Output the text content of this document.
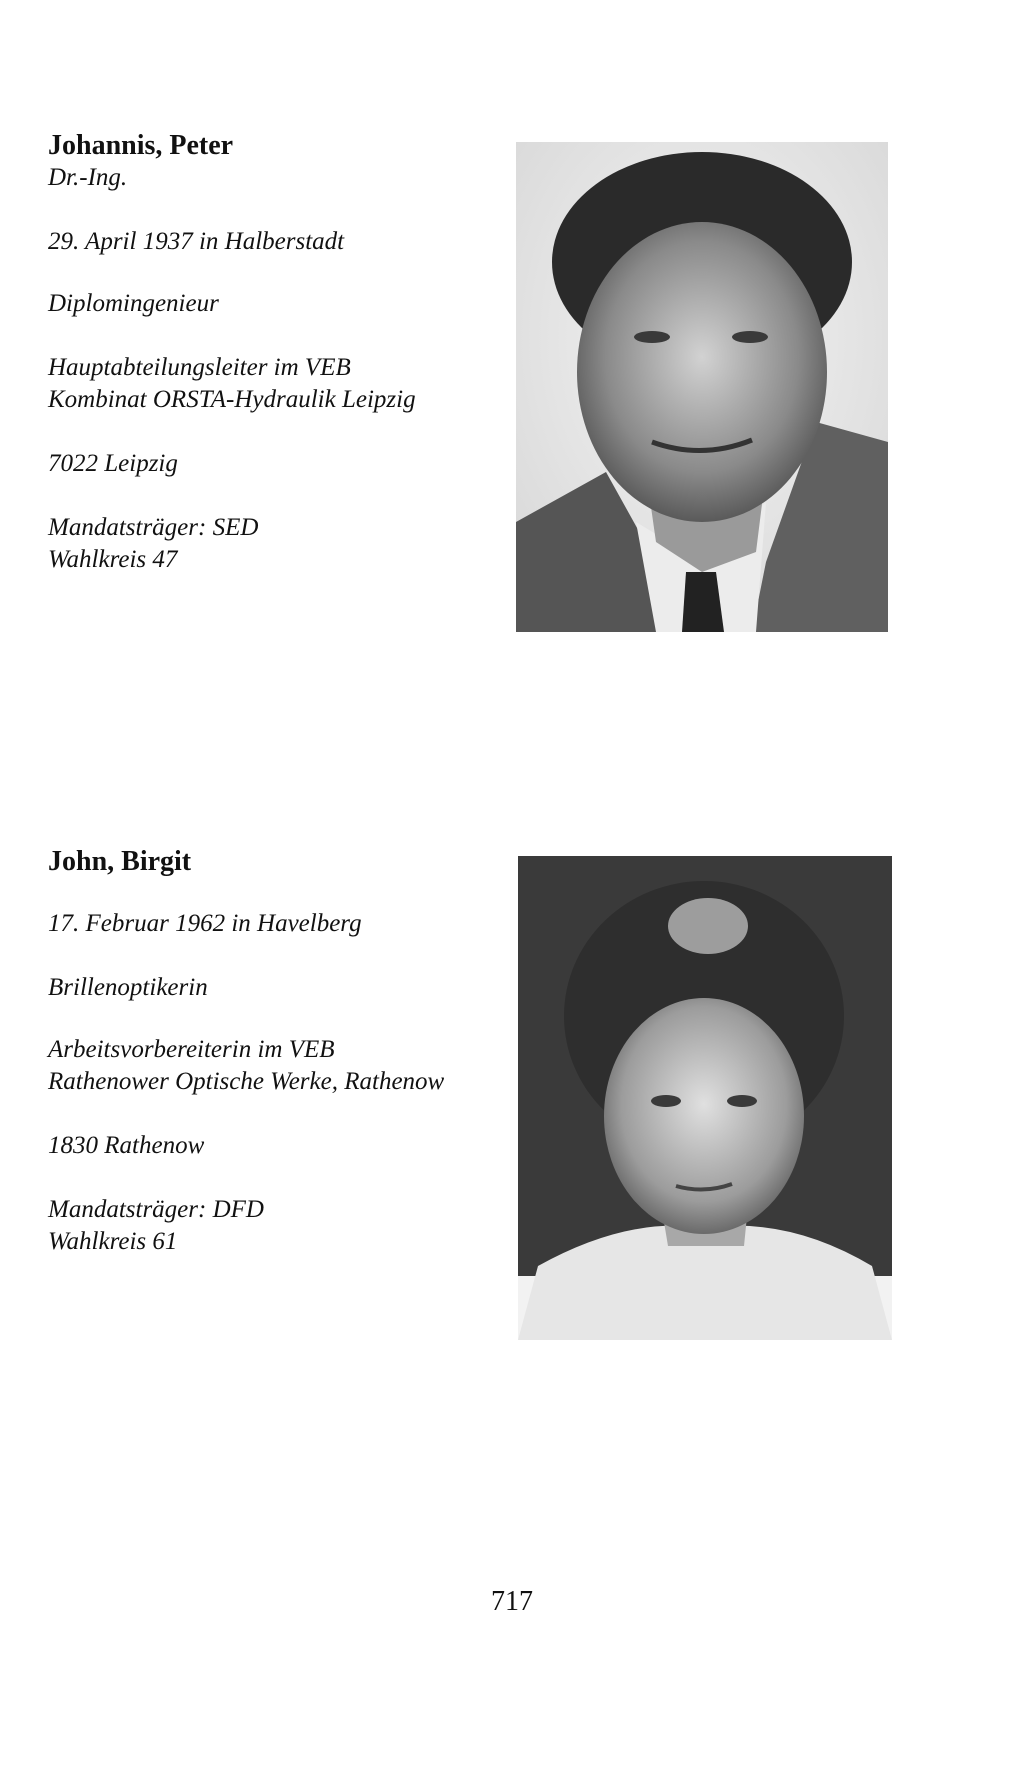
Johannis, Peter

Dr.-Ing.

29. April 1937 in Halberstadt

Diplomingenieur

Hauptabteilungsleiter im VEB

Kombinat ORSTA-Hydraulik Leipzig

7022 Leipzig

Mandatsträger: SED

Wahlkreis 47

John, Birgit

17. Februar 1962 in Havelberg

Brillenoptikerin

Arbeitsvorbereiterin im VEB

Rathenower Optische Werke, Rathenow

1830 Rathenow

Mandatsträger: DFD

Wahlkreis 61

717
